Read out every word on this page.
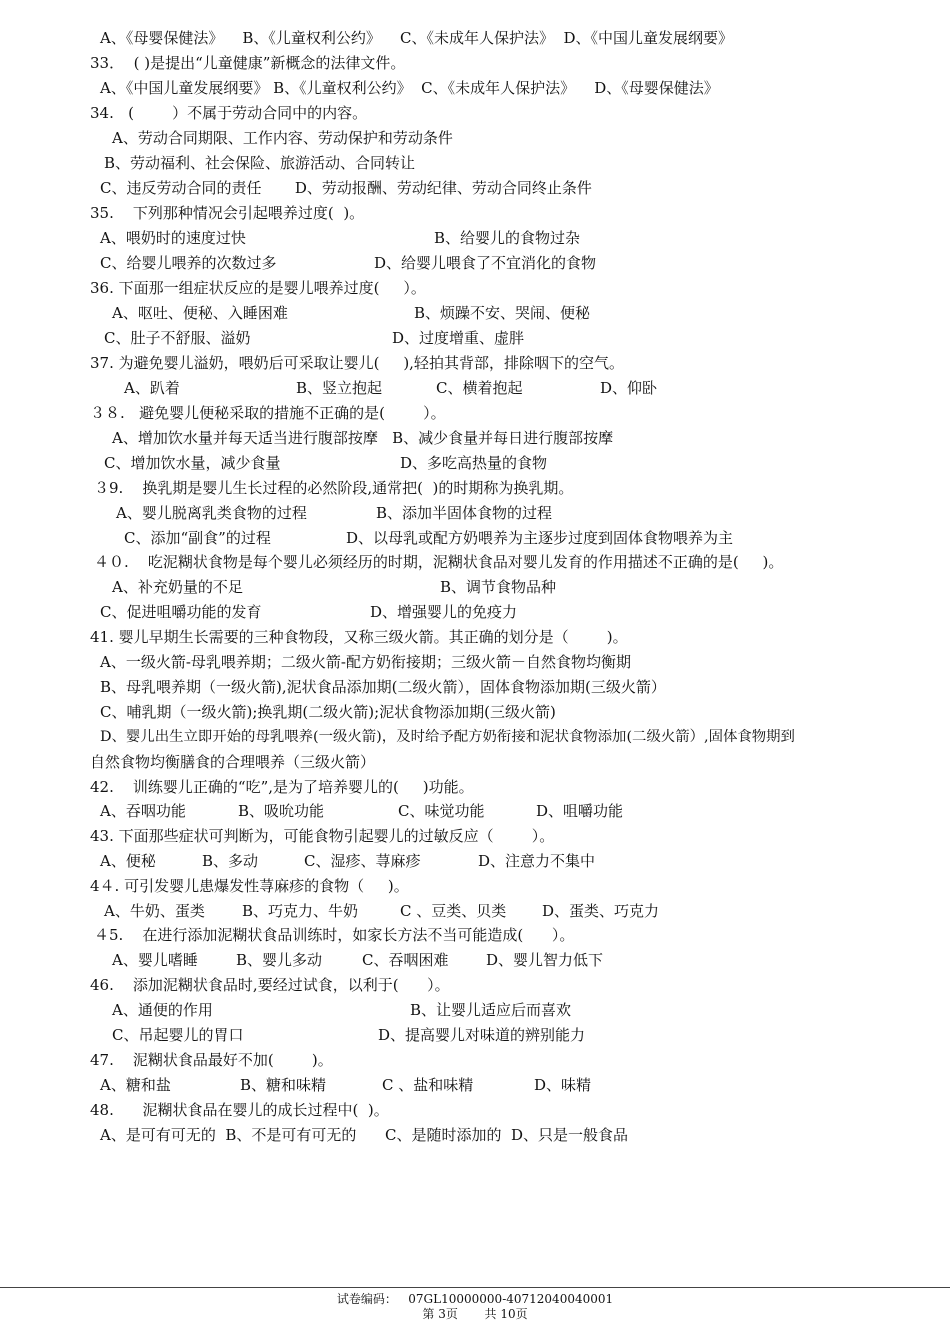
A、《母婴保健法》    B、《儿童权利公约》    C、《未成年人保护法》  D、《中国儿童发展纲要》
33．  ( )是提出“儿童健康”新概念的法律文件。
A、《中国儿童发展纲要》 B、《儿童权利公约》  C、《未成年人保护法》    D、《母婴保健法》
34.   (        ）不属于劳动合同中的内容。
A、劳动合同期限、工作内容、劳动保护和劳动条件
B、劳动福利、社会保险、旅游活动、合同转让
C、违反劳动合同的责任       D、劳动报酬、劳动纪律、劳动合同终止条件
35.    下列那种情况会引起喂养过度(  )。
A、喂奶时的速度过快	B、给婴儿的食物过杂
C、给婴儿喂养的次数过多	D、给婴儿喂食了不宜消化的食物
36. 下面那一组症状反应的是婴儿喂养过度(     ）。
A、呕吐、便秘、入睡困难	B、烦躁不安、哭闹、便秘
C、肚子不舒服、溢奶	D、过度增重、虚胖
37. 为避免婴儿溢奶，喂奶后可采取让婴儿(     ),轻拍其背部，排除咽下的空气。
A、趴着	B、竖立抱起	C、横着抱起	D、仰卧
３８.   避免婴儿便秘采取的措施不正确的是(        ）。
A、增加饮水量并每天适当进行腹部按摩   B、减少食量并每日进行腹部按摩
C、增加饮水量，减少食量	D、多吃高热量的食物
３9.    换乳期是婴儿生长过程的必然阶段,通常把(  )的时期称为换乳期。
A、婴儿脱离乳类食物的过程	B、添加半固体食物的过程
C、添加“副食”的过程	D、以母乳或配方奶喂养为主逐步过度到固体食物喂养为主
４０.    吃泥糊状食物是每个婴儿必须经历的时期，泥糊状食品对婴儿发育的作用描述不正确的是(     )。
A、补充奶量的不足	B、调节食物品种
C、促进咀嚼功能的发育	D、增强婴儿的免疫力
41. 婴儿早期生长需要的三种食物段，又称三级火箭。其正确的划分是（        )。
A、一级火箭-母乳喂养期；二级火箭-配方奶衔接期；三级火箭－自然食物均衡期
B、母乳喂养期（一级火箭),泥状食品添加期(二级火箭），固体食物添加期(三级火箭）
C、哺乳期（一级火箭);换乳期(二级火箭);泥状食物添加期(三级火箭)
D、婴儿出生立即开始的母乳喂养(一级火箭)，及时给予配方奶衔接和泥状食物添加(二级火箭）,固体食物期到
自然食物均衡膳食的合理喂养（三级火箭）
42.    训练婴儿正确的“吃”,是为了培养婴儿的(     )功能。
A、吞咽功能	B、吸吮功能	C、味觉功能	D、咀嚼功能
43. 下面那些症状可判断为，可能食物引起婴儿的过敏反应（        ）。
A、便秘	B、多动	C、湿疹、荨麻疹	D、注意力不集中
4４. 可引发婴儿患爆发性荨麻疹的食物（     )。
A、牛奶、蛋类 B、巧克力、牛奶	C 、豆类、贝类 D、蛋类、巧克力
４5.    在进行添加泥糊状食品训练时，如家长方法不当可能造成(      ）。
A、婴儿嗜睡	B、婴儿多动	C、吞咽困难	D、婴儿智力低下
46.    添加泥糊状食品时,要经过试食，以利于(      ）。
A、通便的作用	B、让婴儿适应后而喜欢
C、吊起婴儿的胃口	D、提高婴儿对味道的辨别能力
47.    泥糊状食品最好不加(        )。
A、糖和盐	B、糖和味精	C 、盐和味精	D、味精
48.      泥糊状食品在婴儿的成长过程中(  )。
A、是可有可无的  B、不是可有可无的      C、是随时添加的  D、只是一般食品
试卷编码：   07GL10000000-40712040040001
第 3页       共 10页
